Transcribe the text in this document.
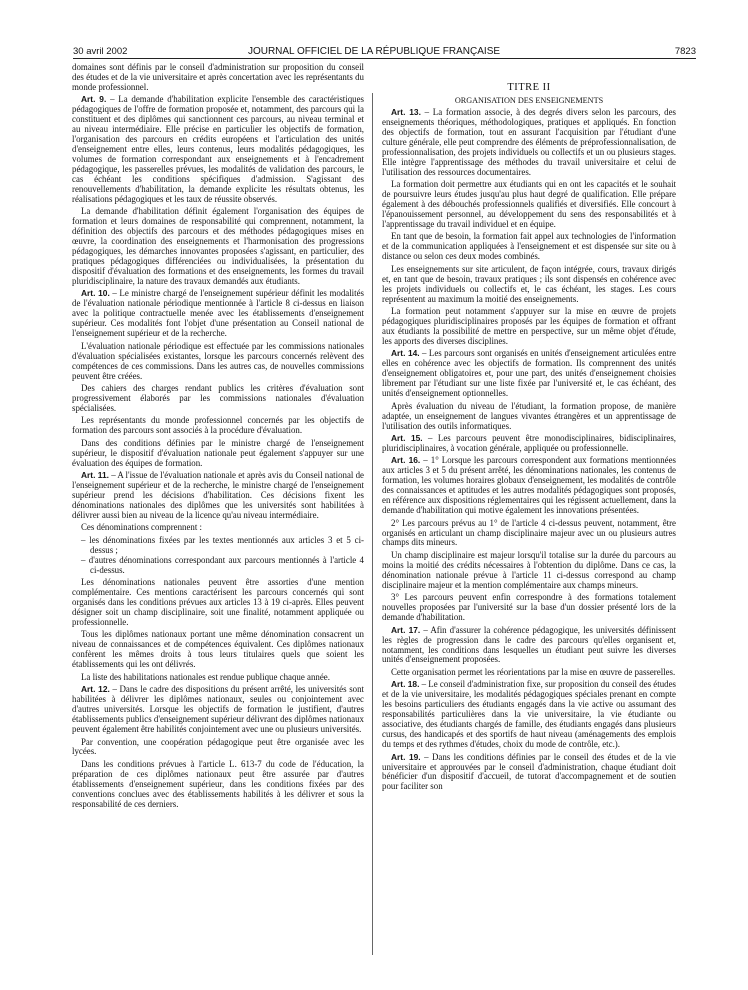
30 avril 2002	JOURNAL OFFICIEL DE LA RÉPUBLIQUE FRANÇAISE	7823

domaines sont définis par le conseil d'administration sur proposition du conseil des études et de la vie universitaire et après concertation avec les représentants du monde professionnel.

Art. 9. – La demande d'habilitation explicite l'ensemble des caractéristiques pédagogiques de l'offre de formation proposée et, notamment, des parcours qui la constituent et des diplômes qui sanctionnent ces parcours, au niveau terminal et au niveau intermédiaire. Elle précise en particulier les objectifs de formation, l'organisation des parcours en crédits européens et l'articulation des unités d'enseignement entre elles, leurs contenus, leurs modalités pédagogiques, les volumes de formation correspondant aux enseignements et à l'encadrement pédagogique, les passerelles prévues, les modalités de validation des parcours, le cas échéant les conditions spécifiques d'admission. S'agissant des renouvellements d'habilitation, la demande explicite les résultats obtenus, les réalisations pédagogiques et les taux de réussite observés.

La demande d'habilitation définit également l'organisation des équipes de formation et leurs domaines de responsabilité qui comprennent, notamment, la définition des objectifs des parcours et des méthodes pédagogiques mises en œuvre, la coordination des enseignements et l'harmonisation des progressions pédagogiques, les démarches innovantes proposées s'agissant, en particulier, des pratiques pédagogiques différenciées ou individualisées, la présentation du dispositif d'évaluation des formations et des enseignements, les formes du travail pluridisciplinaire, la nature des travaux demandés aux étudiants.

Art. 10. – Le ministre chargé de l'enseignement supérieur définit les modalités de l'évaluation nationale périodique mentionnée à l'article 8 ci-dessus en liaison avec la politique contractuelle menée avec les établissements d'enseignement supérieur. Ces modalités font l'objet d'une présentation au Conseil national de l'enseignement supérieur et de la recherche.

L'évaluation nationale périodique est effectuée par les commissions nationales d'évaluation spécialisées existantes, lorsque les parcours concernés relèvent des compétences de ces commissions. Dans les autres cas, de nouvelles commissions peuvent être créées.

Des cahiers des charges rendant publics les critères d'évaluation sont progressivement élaborés par les commissions nationales d'évaluation spécialisées.

Les représentants du monde professionnel concernés par les objectifs de formation des parcours sont associés à la procédure d'évaluation.

Dans des conditions définies par le ministre chargé de l'enseignement supérieur, le dispositif d'évaluation nationale peut également s'appuyer sur une évaluation des équipes de formation.

Art. 11. – A l'issue de l'évaluation nationale et après avis du Conseil national de l'enseignement supérieur et de la recherche, le ministre chargé de l'enseignement supérieur prend les décisions d'habilitation. Ces décisions fixent les dénominations nationales des diplômes que les universités sont habilitées à délivrer aussi bien au niveau de la licence qu'au niveau intermédiaire.

Ces dénominations comprennent :

– les dénominations fixées par les textes mentionnés aux articles 3 et 5 ci-dessus ;
– d'autres dénominations correspondant aux parcours mentionnés à l'article 4 ci-dessus.

Les dénominations nationales peuvent être assorties d'une mention complémentaire. Ces mentions caractérisent les parcours concernés qui sont organisés dans les conditions prévues aux articles 13 à 19 ci-après. Elles peuvent désigner soit un champ disciplinaire, soit une finalité, notamment appliquée ou professionnelle.

Tous les diplômes nationaux portant une même dénomination consacrent un niveau de connaissances et de compétences équivalent. Ces diplômes nationaux confèrent les mêmes droits à tous leurs titulaires quels que soient les établissements qui les ont délivrés.

La liste des habilitations nationales est rendue publique chaque année.

Art. 12. – Dans le cadre des dispositions du présent arrêté, les universités sont habilitées à délivrer les diplômes nationaux, seules ou conjointement avec d'autres universités. Lorsque les objectifs de formation le justifient, d'autres établissements publics d'enseignement supérieur délivrant des diplômes nationaux peuvent également être habilités conjointement avec une ou plusieurs universités.

Par convention, une coopération pédagogique peut être organisée avec les lycées.

Dans les conditions prévues à l'article L. 613-7 du code de l'éducation, la préparation de ces diplômes nationaux peut être assurée par d'autres établissements d'enseignement supérieur, dans les conditions fixées par des conventions conclues avec des établissements habilités à les délivrer et sous la responsabilité de ces derniers.

TITRE II
ORGANISATION DES ENSEIGNEMENTS

Art. 13. – La formation associe, à des degrés divers selon les parcours, des enseignements théoriques, méthodologiques, pratiques et appliqués. En fonction des objectifs de formation, tout en assurant l'acquisition par l'étudiant d'une culture générale, elle peut comprendre des éléments de préprofessionnalisation, de professionnalisation, des projets individuels ou collectifs et un ou plusieurs stages. Elle intègre l'apprentissage des méthodes du travail universitaire et celui de l'utilisation des ressources documentaires.

La formation doit permettre aux étudiants qui en ont les capacités et le souhait de poursuivre leurs études jusqu'au plus haut degré de qualification. Elle prépare également à des débouchés professionnels qualifiés et diversifiés. Elle concourt à l'épanouissement personnel, au développement du sens des responsabilités et à l'apprentissage du travail individuel et en équipe.

En tant que de besoin, la formation fait appel aux technologies de l'information et de la communication appliquées à l'enseignement et est dispensée sur site ou à distance ou selon ces deux modes combinés.

Les enseignements sur site articulent, de façon intégrée, cours, travaux dirigés et, en tant que de besoin, travaux pratiques ; ils sont dispensés en cohérence avec les projets individuels ou collectifs et, le cas échéant, les stages. Les cours représentent au maximum la moitié des enseignements.

La formation peut notamment s'appuyer sur la mise en œuvre de projets pédagogiques pluridisciplinaires proposés par les équipes de formation et offrant aux étudiants la possibilité de mettre en perspective, sur un même objet d'étude, les apports des diverses disciplines.

Art. 14. – Les parcours sont organisés en unités d'enseignement articulées entre elles en cohérence avec les objectifs de formation. Ils comprennent des unités d'enseignement obligatoires et, pour une part, des unités d'enseignement choisies librement par l'étudiant sur une liste fixée par l'université et, le cas échéant, des unités d'enseignement optionnelles.

Après évaluation du niveau de l'étudiant, la formation propose, de manière adaptée, un enseignement de langues vivantes étrangères et un apprentissage de l'utilisation des outils informatiques.

Art. 15. – Les parcours peuvent être monodisciplinaires, bidisciplinaires, pluridisciplinaires, à vocation générale, appliquée ou professionnelle.

Art. 16. – 1° Lorsque les parcours correspondent aux formations mentionnées aux articles 3 et 5 du présent arrêté, les dénominations nationales, les contenus de formation, les volumes horaires globaux d'enseignement, les modalités de contrôle des connaissances et aptitudes et les autres modalités pédagogiques sont proposés, en référence aux dispositions réglementaires qui les régissent actuellement, dans la demande d'habilitation qui motive également les innovations présentées.

2° Les parcours prévus au 1° de l'article 4 ci-dessus peuvent, notamment, être organisés en articulant un champ disciplinaire majeur avec un ou plusieurs autres champs dits mineurs.

Un champ disciplinaire est majeur lorsqu'il totalise sur la durée du parcours au moins la moitié des crédits nécessaires à l'obtention du diplôme. Dans ce cas, la dénomination nationale prévue à l'article 11 ci-dessus correspond au champ disciplinaire majeur et la mention complémentaire aux champs mineurs.

3° Les parcours peuvent enfin correspondre à des formations totalement nouvelles proposées par l'université sur la base d'un dossier présenté lors de la demande d'habilitation.

Art. 17. – Afin d'assurer la cohérence pédagogique, les universités définissent les règles de progression dans le cadre des parcours qu'elles organisent et, notamment, les conditions dans lesquelles un étudiant peut suivre les diverses unités d'enseignement proposées.

Cette organisation permet les réorientations par la mise en œuvre de passerelles.

Art. 18. – Le conseil d'administration fixe, sur proposition du conseil des études et de la vie universitaire, les modalités pédagogiques spéciales prenant en compte les besoins particuliers des étudiants engagés dans la vie active ou assumant des responsabilités particulières dans la vie universitaire, la vie étudiante ou associative, des étudiants chargés de famille, des étudiants engagés dans plusieurs cursus, des handicapés et des sportifs de haut niveau (aménagements des emplois du temps et des rythmes d'études, choix du mode de contrôle, etc.).

Art. 19. – Dans les conditions définies par le conseil des études et de la vie universitaire et approuvées par le conseil d'administration, chaque étudiant doit bénéficier d'un dispositif d'accueil, de tutorat d'accompagnement et de soutien pour faciliter son
